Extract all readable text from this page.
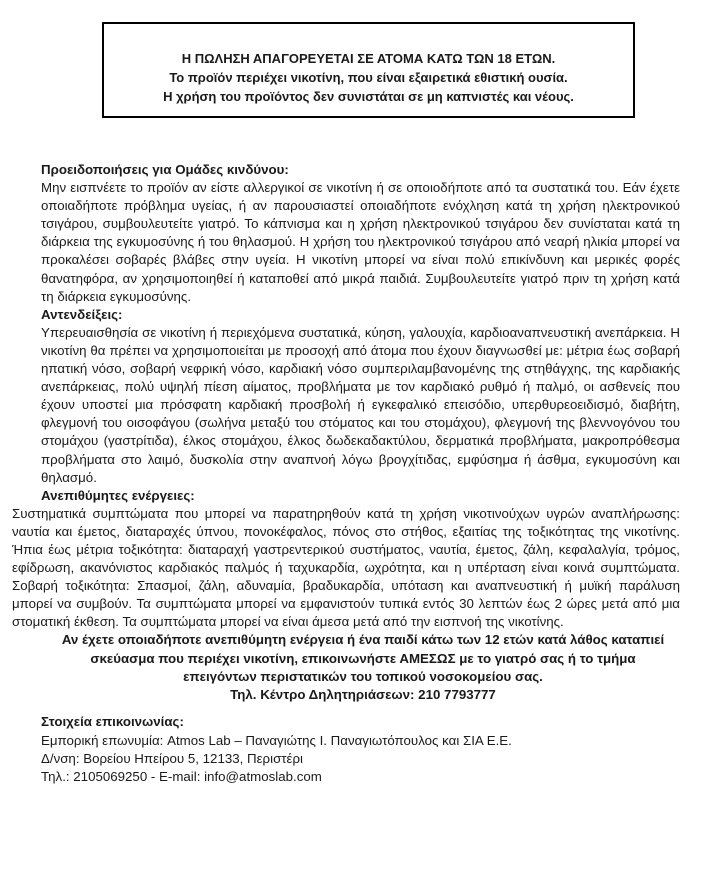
Η ΠΩΛΗΣΗ ΑΠΑΓΟΡΕΥΕΤΑΙ ΣΕ ΑΤΟΜΑ ΚΑΤΩ ΤΩΝ 18 ΕΤΩΝ.
Το προϊόν περιέχει νικοτίνη, που είναι εξαιρετικά εθιστική ουσία.
Η χρήση του προϊόντος δεν συνιστάται σε μη καπνιστές και νέους.
Προειδοποιήσεις για Ομάδες κινδύνου:
Μην εισπνέετε το προϊόν αν είστε αλλεργικοί σε νικοτίνη ή σε οποιοδήποτε από τα συστατικά του. Εάν έχετε οποιαδήποτε πρόβλημα υγείας, ή αν παρουσιαστεί οποιαδήποτε ενόχληση κατά τη χρήση ηλεκτρονικού τσιγάρου, συμβουλευτείτε γιατρό. Το κάπνισμα και η χρήση ηλεκτρονικού τσιγάρου δεν συνίσταται κατά τη διάρκεια της εγκυμοσύνης ή του θηλασμού. Η χρήση του ηλεκτρονικού τσιγάρου από νεαρή ηλικία μπορεί να προκαλέσει σοβαρές βλάβες στην υγεία. Η νικοτίνη μπορεί να είναι πολύ επικίνδυνη και μερικές φορές θανατηφόρα, αν χρησιμοποιηθεί ή καταποθεί από μικρά παιδιά. Συμβουλευτείτε γιατρό πριν τη χρήση κατά τη διάρκεια εγκυμοσύνης.
Αντενδείξεις:
Υπερευαισθησία σε νικοτίνη ή περιεχόμενα συστατικά, κύηση, γαλουχία, καρδιοαναπνευστική ανεπάρκεια. Η νικοτίνη θα πρέπει να χρησιμοποιείται με προσοχή από άτομα που έχουν διαγνωσθεί με: μέτρια έως σοβαρή ηπατική νόσο, σοβαρή νεφρική νόσο, καρδιακή νόσο συμπεριλαμβανομένης της στηθάγχης, της καρδιακής ανεπάρκειας, πολύ υψηλή πίεση αίματος, προβλήματα με τον καρδιακό ρυθμό ή παλμό, οι ασθενείς που έχουν υποστεί μια πρόσφατη καρδιακή προσβολή ή εγκεφαλικό επεισόδιο, υπερθυρεοειδισμό, διαβήτη, φλεγμονή του οισοφάγου (σωλήνα μεταξύ του στόματος και του στομάχου), φλεγμονή της βλεννογόνου του στομάχου (γαστρίτιδα), έλκος στομάχου, έλκος δωδεκαδακτύλου, δερματικά προβλήματα, μακροπρόθεσμα προβλήματα στο λαιμό, δυσκολία στην αναπνοή λόγω βρογχίτιδας, εμφύσημα ή άσθμα, εγκυμοσύνη και θηλασμό.
Ανεπιθύμητες ενέργειες:
Συστηματικά συμπτώματα που μπορεί να παρατηρηθούν κατά τη χρήση νικοτινούχων υγρών αναπλήρωσης: ναυτία και έμετος, διαταραχές ύπνου, πονοκέφαλος, πόνος στο στήθος, εξαιτίας της τοξικότητας της νικοτίνης. Ήπια έως μέτρια τοξικότητα: διαταραχή γαστρεντερικού συστήματος, ναυτία, έμετος, ζάλη, κεφαλαλγία, τρόμος, εφίδρωση, ακανόνιστος καρδιακός παλμός ή ταχυκαρδία, ωχρότητα, και η υπέρταση είναι κοινά συμπτώματα. Σοβαρή τοξικότητα: Σπασμοί, ζάλη, αδυναμία, βραδυκαρδία, υπόταση και αναπνευστική ή μυϊκή παράλυση μπορεί να συμβούν. Τα συμπτώματα μπορεί να εμφανιστούν τυπικά εντός 30 λεπτών έως 2 ώρες μετά από μια στοματική έκθεση. Τα συμπτώματα μπορεί να είναι άμεσα μετά από την εισπνοή της νικοτίνης.
Αν έχετε οποιαδήποτε ανεπιθύμητη ενέργεια ή ένα παιδί κάτω των 12 ετών κατά λάθος καταπιεί
σκεύασμα που περιέχει νικοτίνη, επικοινωνήστε ΑΜΕΣΩΣ με το γιατρό σας ή το τμήμα
επειγόντων περιστατικών του τοπικού νοσοκομείου σας.
Τηλ. Κέντρο Δηλητηριάσεων: 210 7793777
Στοιχεία επικοινωνίας:
Εμπορική επωνυμία: Atmos Lab – Παναγιώτης Ι. Παναγιωτόπουλος και ΣΙΑ Ε.Ε.
Δ/νση: Βορείου Ηπείρου 5, 12133, Περιστέρι
Τηλ.: 2105069250 - E-mail: info@atmoslab.com
